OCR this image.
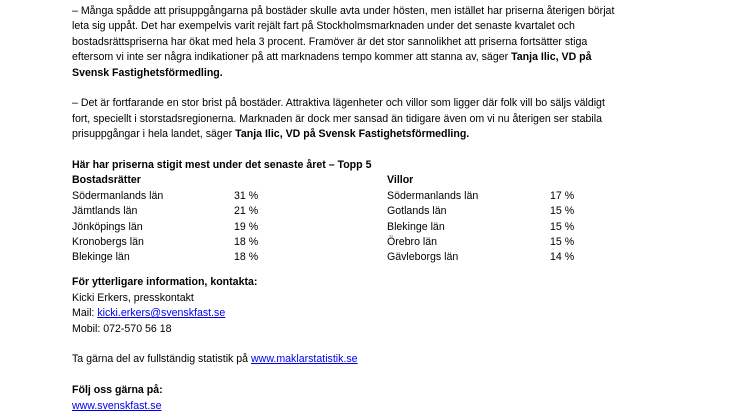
– Många spådde att prisuppgångarna på bostäder skulle avta under hösten, men istället har priserna återigen börjat

leta sig uppåt. Det har exempelvis varit rejält fart på Stockholmsmarknaden under det senaste kvartalet och

bostadsrättspriserna har ökat med hela 3 procent. Framöver är det stor sannolikhet att priserna fortsätter stiga

eftersom vi inte ser några indikationer på att marknadens tempo kommer att stanna av, säger Tanja Ilic, VD på

Svensk Fastighetsförmedling.

– Det är fortfarande en stor brist på bostäder. Attraktiva lägenheter och villor som ligger där folk vill bo säljs väldigt

fort, speciellt i storstadsregionerna. Marknaden är dock mer sansad än tidigare även om vi nu återigen ser stabila

prisuppgångar i hela landet, säger Tanja Ilic, VD på Svensk Fastighetsförmedling.

Här har priserna stigit mest under det senaste året – Topp 5

Bostadsrätter	Villor
Södermanlands län	31 %	Södermanlands län	17 %
Jämtlands län	21 %	Gotlands län	15 %
Jönköpings län	19 %	Blekinge län	15 %
Kronobergs län	18 %	Örebro län	15 %
Blekinge län	18 %	Gävleborgs län	14 %

För ytterligare information, kontakta:

Kicki Erkers, presskontakt

Mail: kicki.erkers@svenskfast.se

Mobil: 072-570 56 18

Ta gärna del av fullständig statistik på www.maklarstatistik.se

Följ oss gärna på:

www.svenskfast.se
